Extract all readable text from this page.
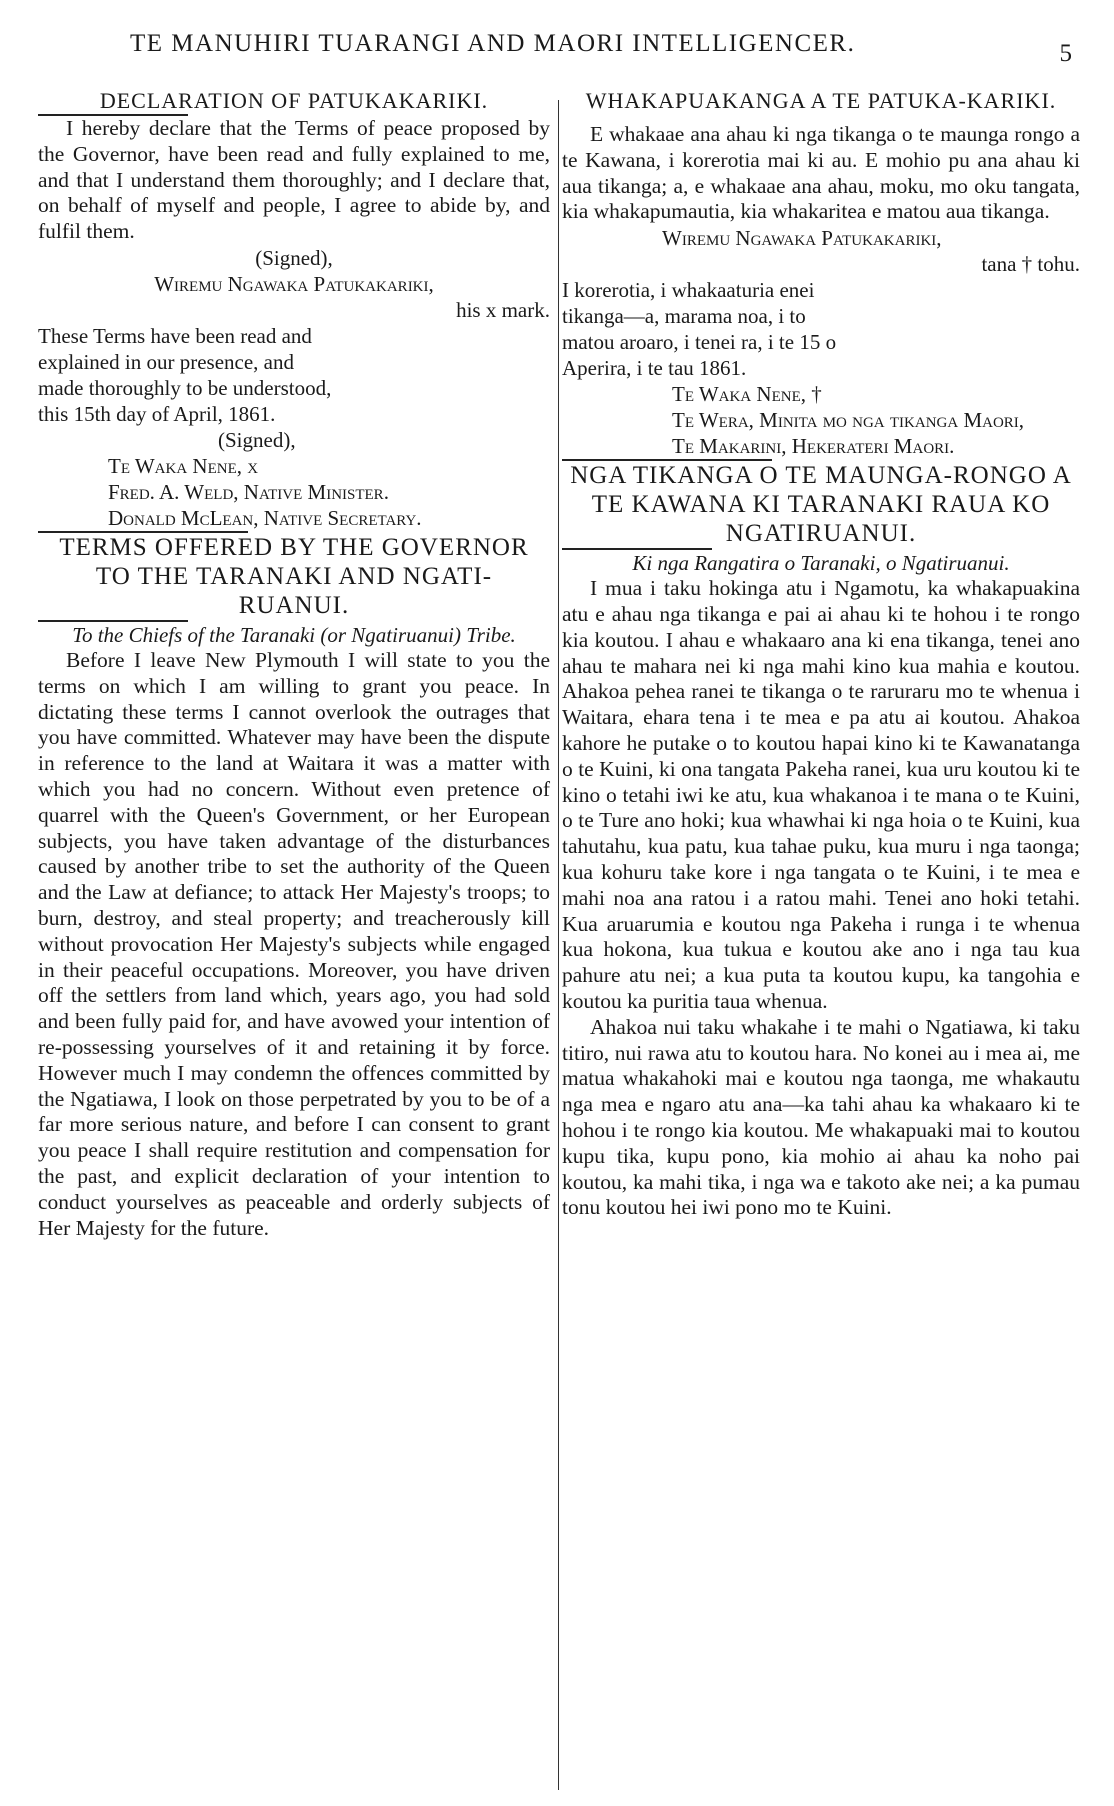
TE MANUHIRI TUARANGI AND MAORI INTELLIGENCER.	5
DECLARATION OF PATUKAKARIKI.

I hereby declare that the Terms of peace proposed by the Governor, have been read and fully explained to me, and that I understand them thoroughly; and I declare that, on behalf of myself and people, I agree to abide by, and fulfil them.

(Signed),
Wiremu Ngawaka Patukakariki,
his x mark.
These Terms have been read and explained in our presence, and made thoroughly to be understood, this 15th day of April, 1861.
(Signed),
Te Waka Nene, x
Fred. A. Weld, Native Minister.
Donald McLean, Native Secretary.
TERMS OFFERED BY THE GOVERNOR TO THE TARANAKI AND NGATI-RUANUI.
To the Chiefs of the Taranaki (or Ngatiruanui) Tribe.

Before I leave New Plymouth I will state to you the terms on which I am willing to grant you peace. In dictating these terms I cannot overlook the outrages that you have committed. Whatever may have been the dispute in reference to the land at Waitara it was a matter with which you had no concern. Without even pretence of quarrel with the Queen's Government, or her European subjects, you have taken advantage of the disturbances caused by another tribe to set the authority of the Queen and the Law at defiance; to attack Her Majesty's troops; to burn, destroy, and steal property; and treacherously kill without provocation Her Majesty's subjects while engaged in their peaceful occupations. Moreover, you have driven off the settlers from land which, years ago, you had sold and been fully paid for, and have avowed your intention of re-possessing yourselves of it and retaining it by force. However much I may condemn the offences committed by the Ngatiawa, I look on those perpetrated by you to be of a far more serious nature, and before I can consent to grant you peace I shall require restitution and compensation for the past, and explicit declaration of your intention to conduct yourselves as peaceable and orderly subjects of Her Majesty for the future.

WHAKAPUAKANGA A TE PATUKA-KARIKI.

E whakaae ana ahau ki nga tikanga o te maunga rongo a te Kawana, i korerotia mai ki au. E mohio pu ana ahau ki aua tikanga; a, e whakaae ana ahau, moku, mo oku tangata, kia whakapumautia, kia whakaritea e matou aua tikanga.

Wiremu Ngawaka Patukakariki,
tana † tohu.
I korerotia, i whakaaturia enei tikanga—a, marama noa, i to matou aroaro, i tenei ra, i te 15 o Aperira, i te tau 1861.
Te Waka Nene, †
Te Wera, Minita mo nga tikanga Maori,
Te Makarini, Hekerateri Maori.
NGA TIKANGA O TE MAUNGA-RONGO A TE KAWANA KI TARANAKI RAUA KO NGATIRUANUI.
Ki nga Rangatira o Taranaki, o Ngatiruanui.

I mua i taku hokinga atu i Ngamotu, ka whakapuakina atu e ahau nga tikanga e pai ai ahau ki te hohou i te rongo kia koutou. I ahau e whakaaro ana ki ena tikanga, tenei ano ahau te mahara nei ki nga mahi kino kua mahia e koutou. Ahakoa pehea ranei te tikanga o te raruraru mo te whenua i Waitara, ehara tena i te mea e pa atu ai koutou. Ahakoa kahore he putake o to koutou hapai kino ki te Kawanatanga o te Kuini, ki ona tangata Pakeha ranei, kua uru koutou ki te kino o tetahi iwi ke atu, kua whakanoa i te mana o te Kuini, o te Ture ano hoki; kua whawhai ki nga hoia o te Kuini, kua tahutahu, kua patu, kua tahae puku, kua muru i nga taonga; kua kohuru take kore i nga tangata o te Kuini, i te mea e mahi noa ana ratou i a ratou mahi. Tenei ano hoki tetahi. Kua aruarumia e koutou nga Pakeha i runga i te whenua kua hokona, kua tukua e koutou ake ano i nga tau kua pahure atu nei; a kua puta ta koutou kupu, ka tangohia e koutou ka puritia taua whenua.

Ahakoa nui taku whakahe i te mahi o Ngatiawa, ki taku titiro, nui rawa atu to koutou hara. No konei au i mea ai, me matua whakahoki mai e koutou nga taonga, me whakautu nga mea e ngaro atu ana—ka tahi ahau ka whakaaro ki te hohou i te rongo kia koutou. Me whakapuaki mai to koutou kupu tika, kupu pono, kia mohio ai ahau ka noho pai koutou, ka mahi tika, i nga wa e takoto ake nei; a ka pumau tonu koutou hei iwi pono mo te Kuini.
